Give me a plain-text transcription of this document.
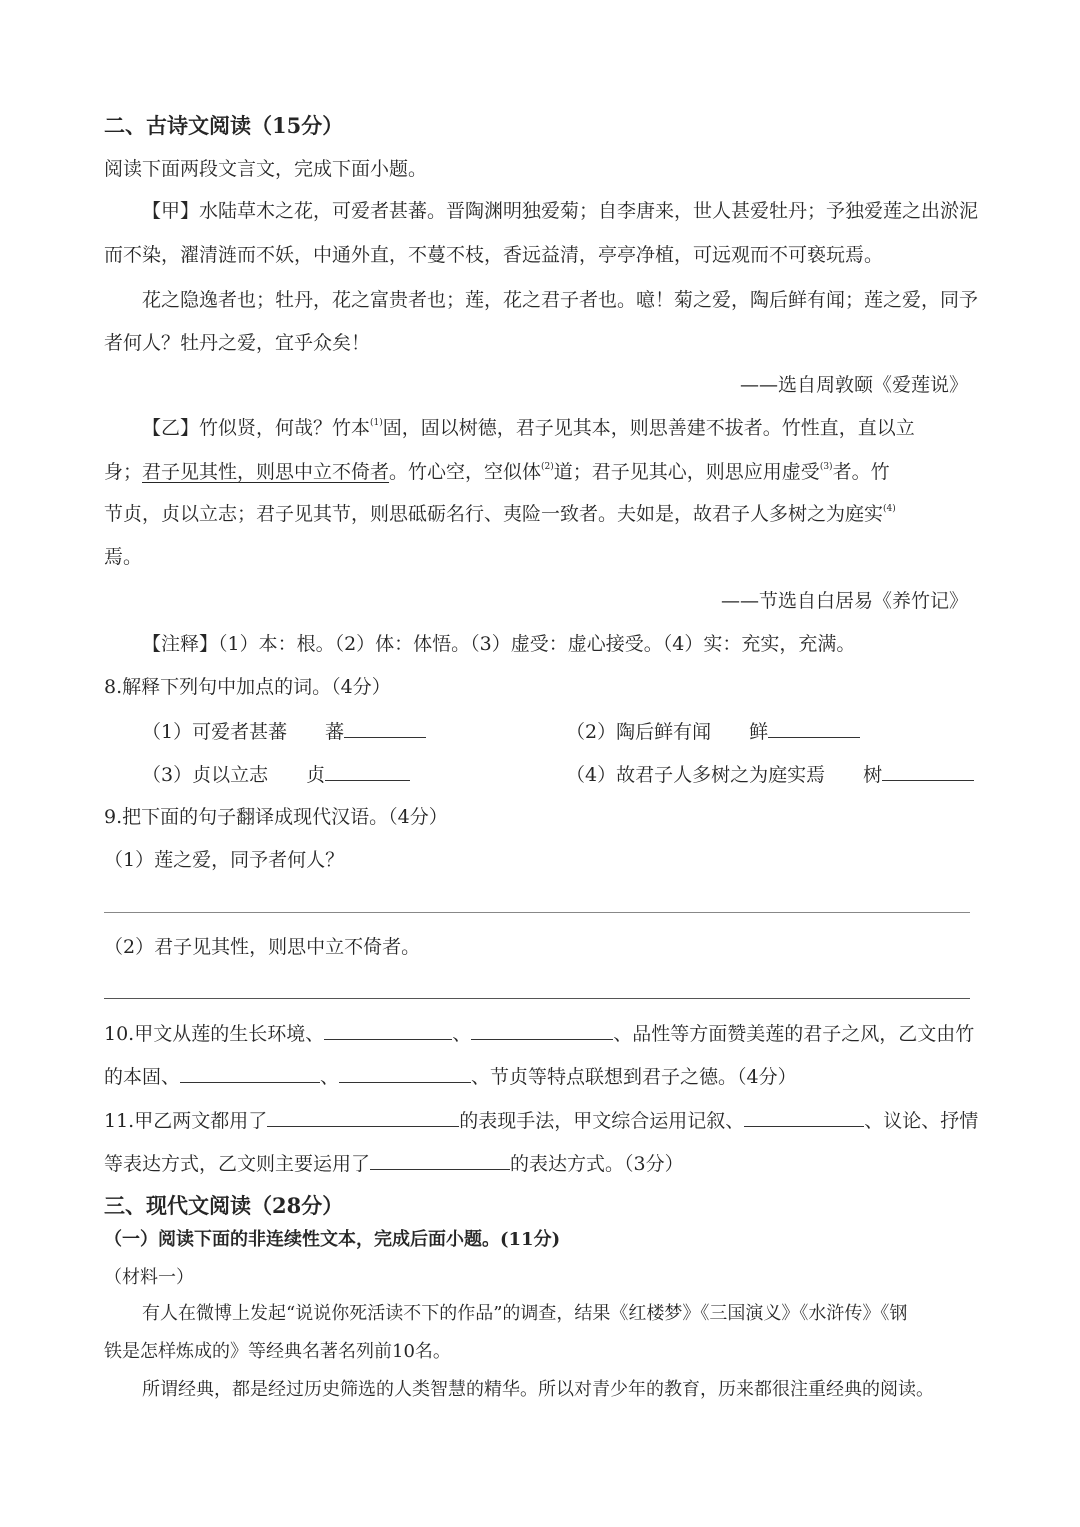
二、古诗文阅读（15分）
阅读下面两段文言文，完成下面小题。
【甲】水陆草木之花，可爱者甚蕃。晋陶渊明独爱菊；自李唐来，世人甚爱牡丹；予独爱莲之出淤泥
而不染，濯清涟而不妖，中通外直，不蔓不枝，香远益清，亭亭净植，可远观而不可亵玩焉。
花之隐逸者也；牡丹，花之富贵者也；莲，花之君子者也。噫！菊之爱，陶后鲜有闻；莲之爱，同予
者何人？牡丹之爱，宜乎众矣！
——选自周敦颐《爱莲说》
【乙】竹似贤，何哉？竹本$^{(1)}$固，固以树德，君子见其本，则思善建不拔者。竹性直，直以立
身；君子见其性，则思中立不倚者。竹心空，空似体$^{(2)}$道；君子见其心，则思应用虚受$^{(3)}$者。竹
节贞，贞以立志；君子见其节，则思砥砺名行、夷险一致者。夫如是，故君子人多树之为庭实$^{(4)}$
焉。
——节选自白居易《养竹记》
【注释】（1）本：根。（2）体：体悟。（3）虚受：虚心接受。（4）实：充实，充满。
8.解释下列句中加点的词。（4分）
（1）可爱者甚蕃　　蕃	（2）陶后鲜有闻　　鲜
（3）贞以立志　　贞	（4）故君子人多树之为庭实焉　　树
9.把下面的句子翻译成现代汉语。（4分）
（1）莲之爱，同予者何人？
（2）君子见其性，则思中立不倚者。
10.甲文从莲的生长环境、	、	、品性等方面赞美莲的君子之风，乙文由竹
的本固、	、	、节贞等特点联想到君子之德。（4分）
11.甲乙两文都用了	的表现手法，甲文综合运用记叙、	、议论、抒情
等表达方式，乙文则主要运用了	的表达方式。（3分）
三、现代文阅读（28分）
（一）阅读下面的非连续性文本，完成后面小题。(11分)
（材料一）
有人在微博上发起“说说你死活读不下的作品”的调查，结果《红楼梦》《三国演义》《水浒传》《钢
铁是怎样炼成的》等经典名著名列前10名。
所谓经典，都是经过历史筛选的人类智慧的精华。所以对青少年的教育，历来都很注重经典的阅读。
